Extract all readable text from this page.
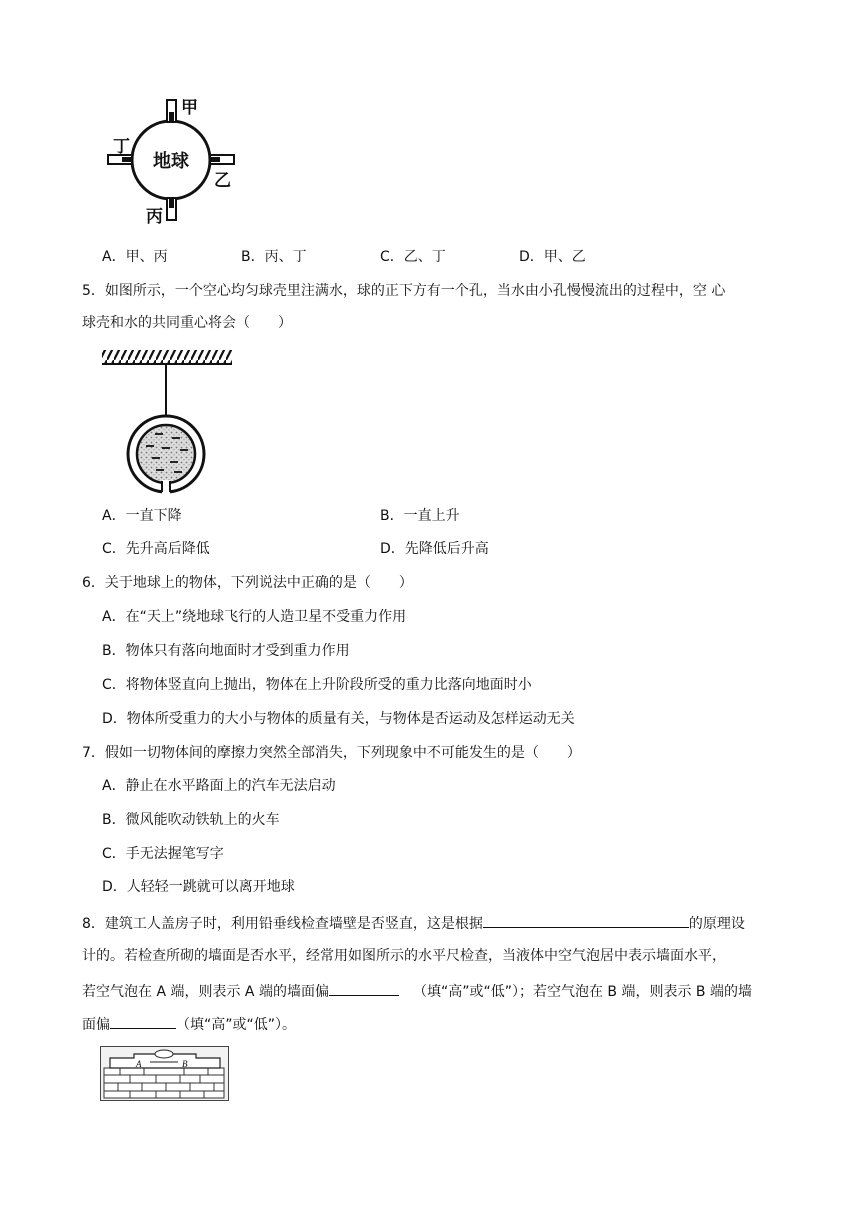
地球
甲
乙
丙
丁
A．甲、丙	B．丙、丁	C．乙、丁	D．甲、乙
5．如图所示，一个空心均匀球壳里注满水，球的正下方有一个孔，当水由小孔慢慢流出的过程中，空 心
球壳和水的共同重心将会（　　）
A．一直下降	B．一直上升
C．先升高后降低	D．先降低后升高
6．关于地球上的物体，下列说法中正确的是（　　）
A．在“天上”绕地球飞行的人造卫星不受重力作用
B．物体只有落向地面时才受到重力作用
C．将物体竖直向上抛出，物体在上升阶段所受的重力比落向地面时小
D．物体所受重力的大小与物体的质量有关，与物体是否运动及怎样运动无关
7．假如一切物体间的摩擦力突然全部消失，下列现象中不可能发生的是（　　）
A．静止在水平路面上的汽车无法启动
B．微风能吹动铁轨上的火车
C．手无法握笔写字
D．人轻轻一跳就可以离开地球
8．建筑工人盖房子时，利用铅垂线检查墙壁是否竖直，这是根据	的原理设
计的。若检查所砌的墙面是否水平，经常用如图所示的水平尺检查，当液体中空气泡居中表示墙面水平，
若空气泡在 A 端，则表示 A 端的墙面偏	（填“高”或“低”）；若空气泡在 B 端，则表示 B 端的墙
面偏	（填“高”或“低”）。
A	B
